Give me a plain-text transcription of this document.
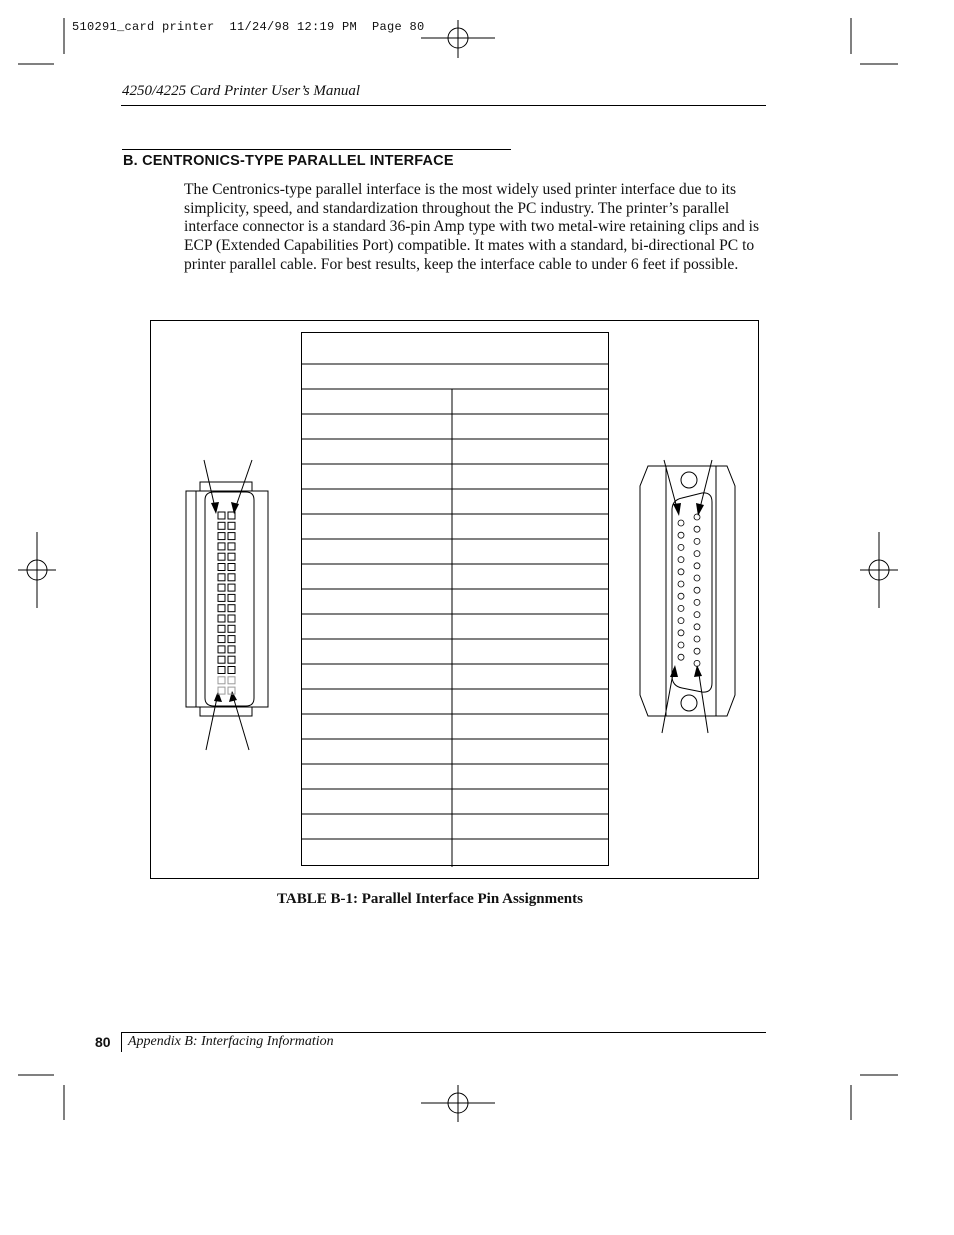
510291_card printer  11/24/98 12:19 PM  Page 80
4250/4225 Card Printer User’s Manual
B. CENTRONICS-TYPE PARALLEL INTERFACE
The Centronics-type parallel interface is the most widely used printer interface due to its simplicity, speed, and standardization throughout the PC industry. The printer’s parallel interface connector is a standard 36-pin Amp type with two metal-wire retaining clips and is ECP (Extended Capabilities Port) compatible. It mates with a standard, bi-directional PC to printer parallel cable. For best results, keep the interface cable to under 6 feet if possible.
TABLE B-1: Parallel Interface Pin Assignments
80 Appendix B: Interfacing Information
